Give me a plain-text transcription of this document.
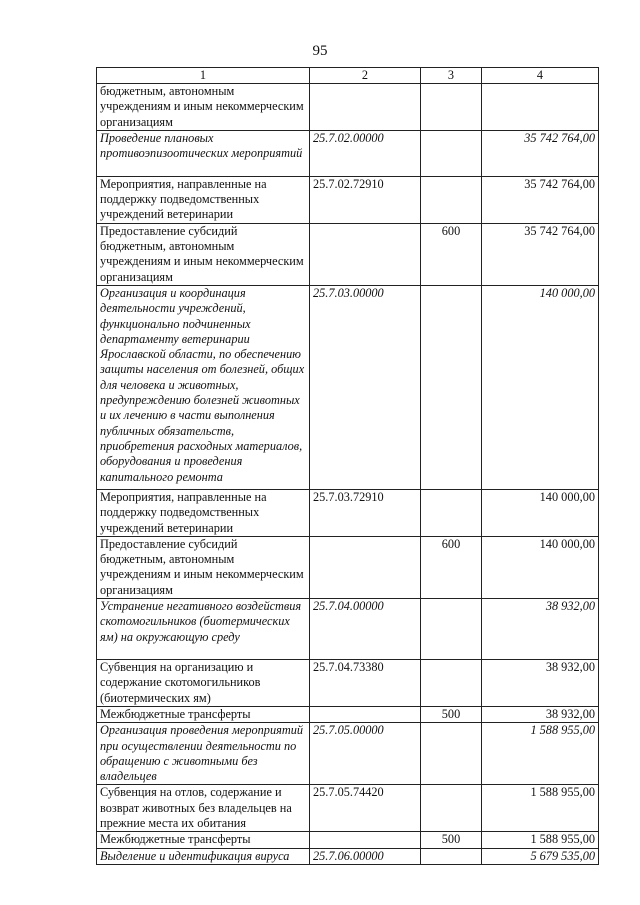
95
1	2	3	4
бюджетным, автономным учреждениям и иным некоммерческим организациям			
Проведение плановых противоэпизоотических мероприятий	25.7.02.00000		35 742 764,00
Мероприятия, направленные на поддержку подведомственных учреждений ветеринарии	25.7.02.72910		35 742 764,00
Предоставление субсидий бюджетным, автономным учреждениям и иным некоммерческим организациям		600	35 742 764,00
Организация и координация деятельности учреждений, функционально подчиненных департаменту ветеринарии Ярославской области, по обеспечению защиты населения от болезней, общих для человека и животных, предупреждению болезней животных и их лечению в части выполнения публичных обязательств, приобретения расходных материалов, оборудования и проведения капитального ремонта	25.7.03.00000		140 000,00
Мероприятия, направленные на поддержку подведомственных учреждений ветеринарии	25.7.03.72910		140 000,00
Предоставление субсидий бюджетным, автономным учреждениям и иным некоммерческим организациям		600	140 000,00
Устранение негативного воздействия скотомогильников (биотермических ям) на окружающую среду	25.7.04.00000		38 932,00
Субвенция на организацию и содержание скотомогильников (биотермических ям)	25.7.04.73380		38 932,00
Межбюджетные трансферты		500	38 932,00
Организация проведения мероприятий при осуществлении деятельности по обращению с животными без владельцев	25.7.05.00000		1 588 955,00
Субвенция на отлов, содержание и возврат животных без владельцев на прежние места их обитания	25.7.05.74420		1 588 955,00
Межбюджетные трансферты		500	1 588 955,00
Выделение и идентификация вируса	25.7.06.00000		5 679 535,00
